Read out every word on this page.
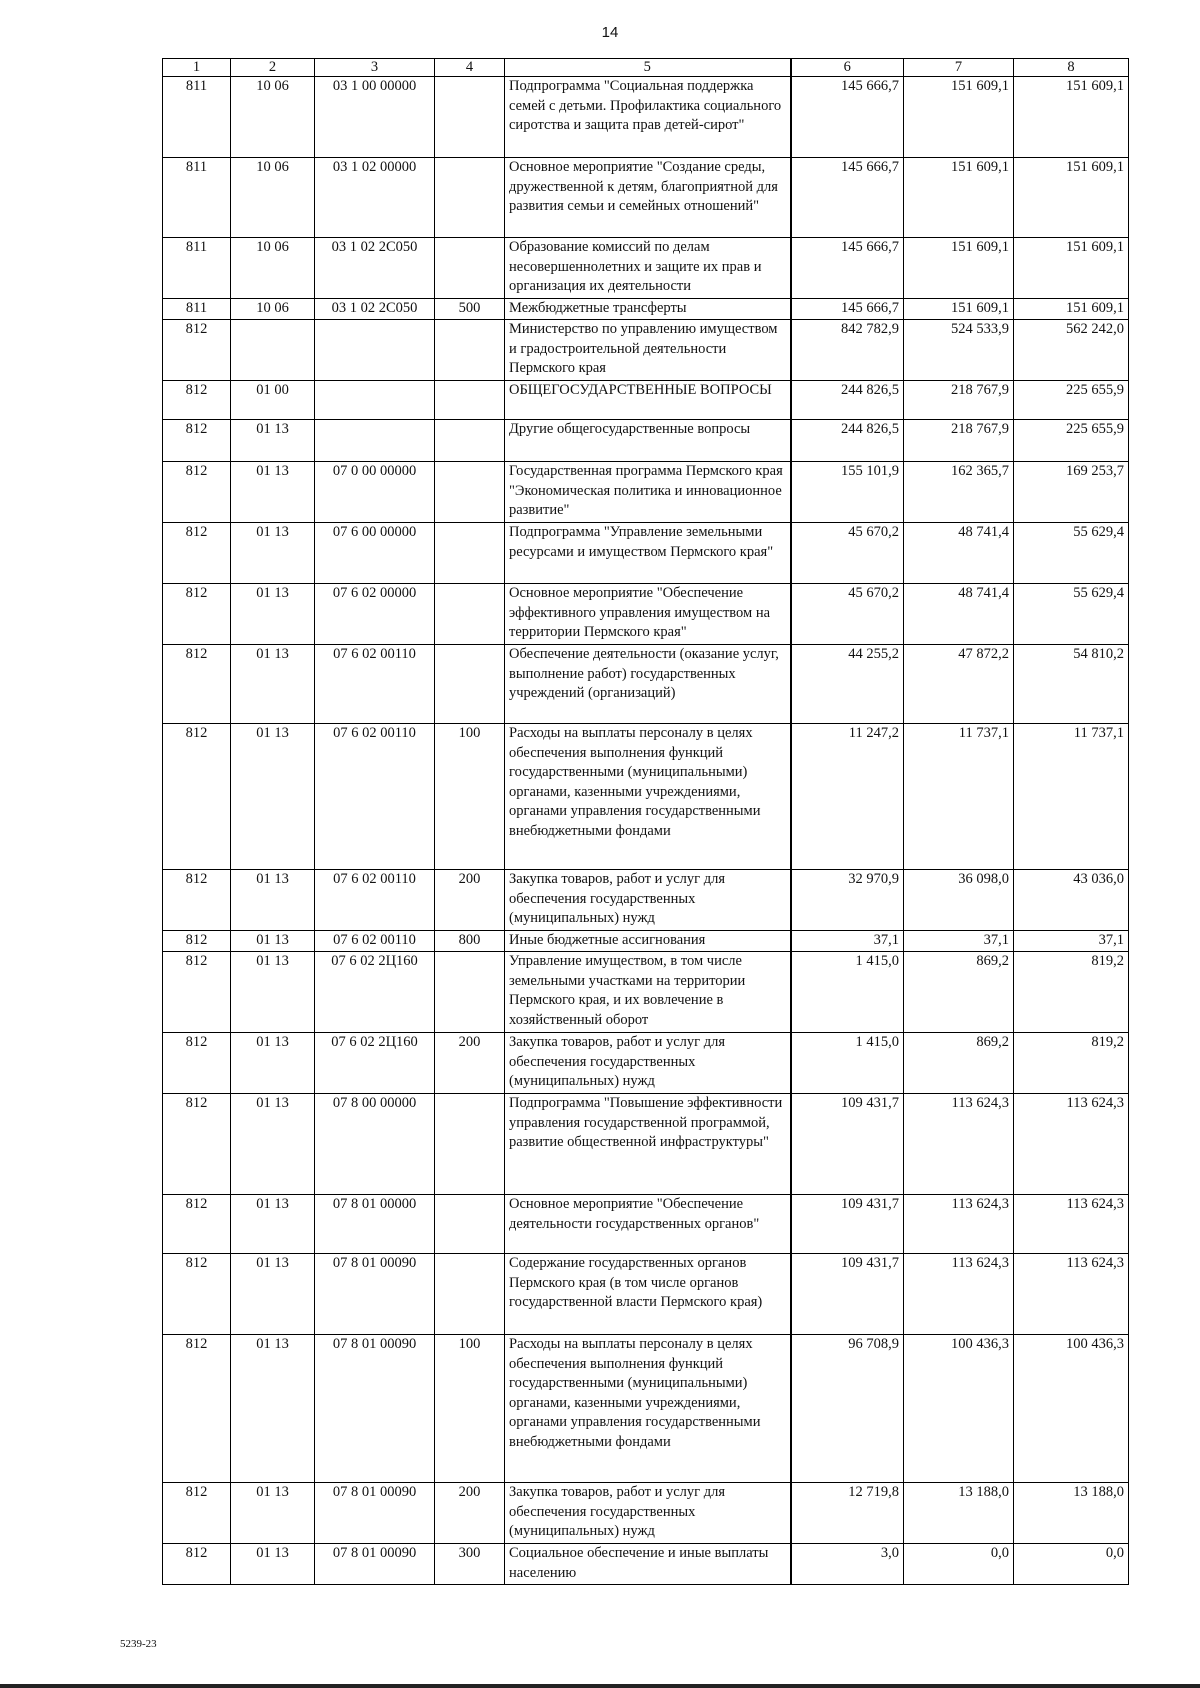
14
1	2	3	4	5	6	7	8
811	10 06	03 1 00 00000		Подпрограмма "Социальная поддержка семей с детьми. Профилактика социального сиротства и защита прав детей-сирот"	145 666,7	151 609,1	151 609,1
811	10 06	03 1 02 00000		Основное мероприятие "Создание среды, дружественной к детям, благоприятной для развития семьи и семейных отношений"	145 666,7	151 609,1	151 609,1
811	10 06	03 1 02 2С050		Образование комиссий по делам несовершеннолетних и защите их прав и организация их деятельности	145 666,7	151 609,1	151 609,1
811	10 06	03 1 02 2С050	500	Межбюджетные трансферты	145 666,7	151 609,1	151 609,1
812				Министерство по управлению имуществом и градостроительной деятельности Пермского края	842 782,9	524 533,9	562 242,0
812	01 00			ОБЩЕГОСУДАРСТВЕННЫЕ ВОПРОСЫ	244 826,5	218 767,9	225 655,9
812	01 13			Другие общегосударственные вопросы	244 826,5	218 767,9	225 655,9
812	01 13	07 0 00 00000		Государственная программа Пермского края "Экономическая политика и инновационное развитие"	155 101,9	162 365,7	169 253,7
812	01 13	07 6 00 00000		Подпрограмма "Управление земельными ресурсами и имуществом Пермского края"	45 670,2	48 741,4	55 629,4
812	01 13	07 6 02 00000		Основное мероприятие "Обеспечение эффективного управления имуществом на территории Пермского края"	45 670,2	48 741,4	55 629,4
812	01 13	07 6 02 00110		Обеспечение деятельности (оказание услуг, выполнение работ) государственных учреждений (организаций)	44 255,2	47 872,2	54 810,2
812	01 13	07 6 02 00110	100	Расходы на выплаты персоналу в целях обеспечения выполнения функций государственными (муниципальными) органами, казенными учреждениями, органами управления государственными внебюджетными фондами	11 247,2	11 737,1	11 737,1
812	01 13	07 6 02 00110	200	Закупка товаров, работ и услуг для обеспечения государственных (муниципальных) нужд	32 970,9	36 098,0	43 036,0
812	01 13	07 6 02 00110	800	Иные бюджетные ассигнования	37,1	37,1	37,1
812	01 13	07 6 02 2Ц160		Управление имуществом, в том числе земельными участками на территории Пермского края, и их вовлечение в хозяйственный оборот	1 415,0	869,2	819,2
812	01 13	07 6 02 2Ц160	200	Закупка товаров, работ и услуг для обеспечения государственных (муниципальных) нужд	1 415,0	869,2	819,2
812	01 13	07 8 00 00000		Подпрограмма "Повышение эффективности управления государственной программой, развитие общественной инфраструктуры"	109 431,7	113 624,3	113 624,3
812	01 13	07 8 01 00000		Основное мероприятие "Обеспечение деятельности государственных органов"	109 431,7	113 624,3	113 624,3
812	01 13	07 8 01 00090		Содержание государственных органов Пермского края (в том числе органов государственной власти Пермского края)	109 431,7	113 624,3	113 624,3
812	01 13	07 8 01 00090	100	Расходы на выплаты персоналу в целях обеспечения выполнения функций государственными (муниципальными) органами, казенными учреждениями, органами управления государственными внебюджетными фондами	96 708,9	100 436,3	100 436,3
812	01 13	07 8 01 00090	200	Закупка товаров, работ и услуг для обеспечения государственных (муниципальных) нужд	12 719,8	13 188,0	13 188,0
812	01 13	07 8 01 00090	300	Социальное обеспечение и иные выплаты населению	3,0	0,0	0,0
5239-23
